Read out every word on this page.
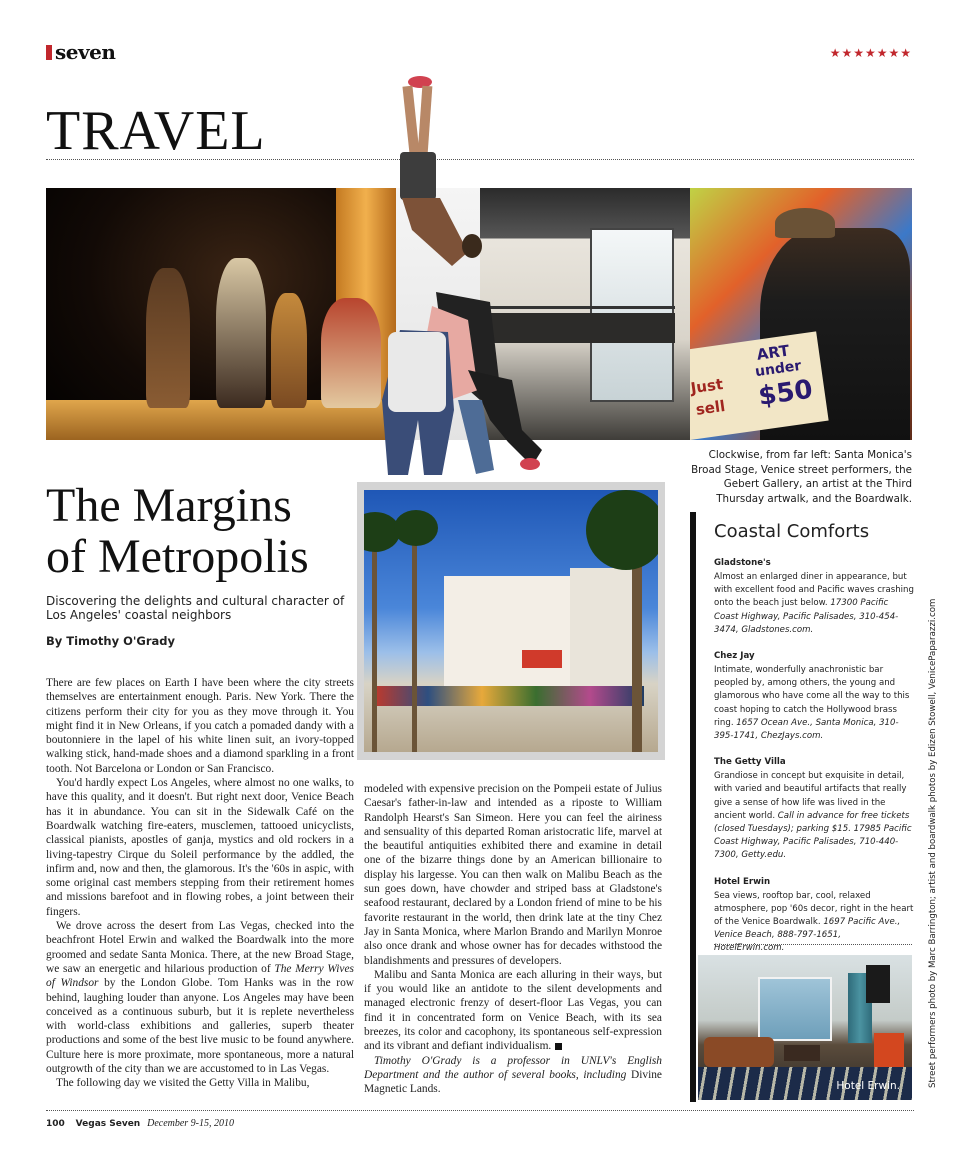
seven	★★★★★★★
TRAVEL
ART
under
$50
Just
sell
Clockwise, from far left: Santa Monica's Broad Stage, Venice street performers, the Gebert Gallery, an artist at the Third Thursday artwalk, and the Boardwalk.
The Margins
of Metropolis
Discovering the delights and cultural character of Los Angeles' coastal neighbors
By Timothy O'Grady

There are few places on Earth I have been where the city streets themselves are entertainment enough. Paris. New York. There the citizens perform their city for you as they move through it. You might find it in New Orleans, if you catch a pomaded dandy with a boutonniere in the lapel of his white linen suit, an ivory-topped walking stick, hand-made shoes and a diamond sparkling in a front tooth. Not Barcelona or London or San Francisco.

You'd hardly expect Los Angeles, where almost no one walks, to have this quality, and it doesn't. But right next door, Venice Beach has it in abundance. You can sit in the Sidewalk Café on the Boardwalk watching fire-eaters, musclemen, tattooed unicyclists, classical pianists, apostles of ganja, mystics and old rockers in a living-tapestry Cirque du Soleil performance by the addled, the infirm and, now and then, the glamorous. It's the '60s in aspic, with some original cast members stepping from their retirement homes and missions barefoot and in flowing robes, a joint between their fingers.

We drove across the desert from Las Vegas, checked into the beachfront Hotel Erwin and walked the Boardwalk into the more groomed and sedate Santa Monica. There, at the new Broad Stage, we saw an energetic and hilarious production of The Merry Wives of Windsor by the London Globe. Tom Hanks was in the row behind, laughing louder than anyone. Los Angeles may have been conceived as a continuous suburb, but it is replete nevertheless with world-class exhibitions and galleries, superb theater productions and some of the best live music to be found anywhere. Culture here is more proximate, more spontaneous, more a natural outgrowth of the city than we are accustomed to in Las Vegas.

The following day we visited the Getty Villa in Malibu,

modeled with expensive precision on the Pompeii estate of Julius Caesar's father-in-law and intended as a riposte to William Randolph Hearst's San Simeon. Here you can feel the airiness and sensuality of this departed Roman aristocratic life, marvel at the beautiful antiquities exhibited there and examine in detail one of the bizarre things done by an American billionaire to display his largesse. You can then walk on Malibu Beach as the sun goes down, have chowder and striped bass at Gladstone's seafood restaurant, declared by a London friend of mine to be his favorite restaurant in the world, then drink late at the tiny Chez Jay in Santa Monica, where Marlon Brando and Marilyn Monroe also once drank and whose owner has for decades withstood the blandishments and pressures of developers.

Malibu and Santa Monica are each alluring in their ways, but if you would like an antidote to the silent developments and managed electronic frenzy of desert-floor Las Vegas, you can find it in concentrated form on Venice Beach, with its sea breezes, its color and cacophony, its spontaneous self-expression and its vibrant and defiant individualism.

Timothy O'Grady is a professor in UNLV's English Department and the author of several books, including Divine Magnetic Lands.

Coastal Comforts
Gladstone's
Almost an enlarged diner in appearance, but with excellent food and Pacific waves crashing onto the beach just below. 17300 Pacific Coast Highway, Pacific Palisades, 310-454-3474, Gladstones.com.
Chez Jay
Intimate, wonderfully anachronistic bar peopled by, among others, the young and glamorous who have come all the way to this coast hoping to catch the Hollywood brass ring. 1657 Ocean Ave., Santa Monica, 310-395-1741, ChezJays.com.
The Getty Villa
Grandiose in concept but exquisite in detail, with varied and beautiful artifacts that really give a sense of how life was lived in the ancient world. Call in advance for free tickets (closed Tuesdays); parking $15. 17985 Pacific Coast Highway, Pacific Palisades, 710-440-7300, Getty.edu.
Hotel Erwin
Sea views, rooftop bar, cool, relaxed atmosphere, pop '60s decor, right in the heart of the Venice Boardwalk. 1697 Pacific Ave., Venice Beach, 888-797-1651, HotelErwin.com.
Hotel Erwin.	Street performers photo by Marc Barrington; artist and boardwalk photos by Edizen Stowell, VenicePaparazzi.com
100 Vegas Seven December 9-15, 2010
